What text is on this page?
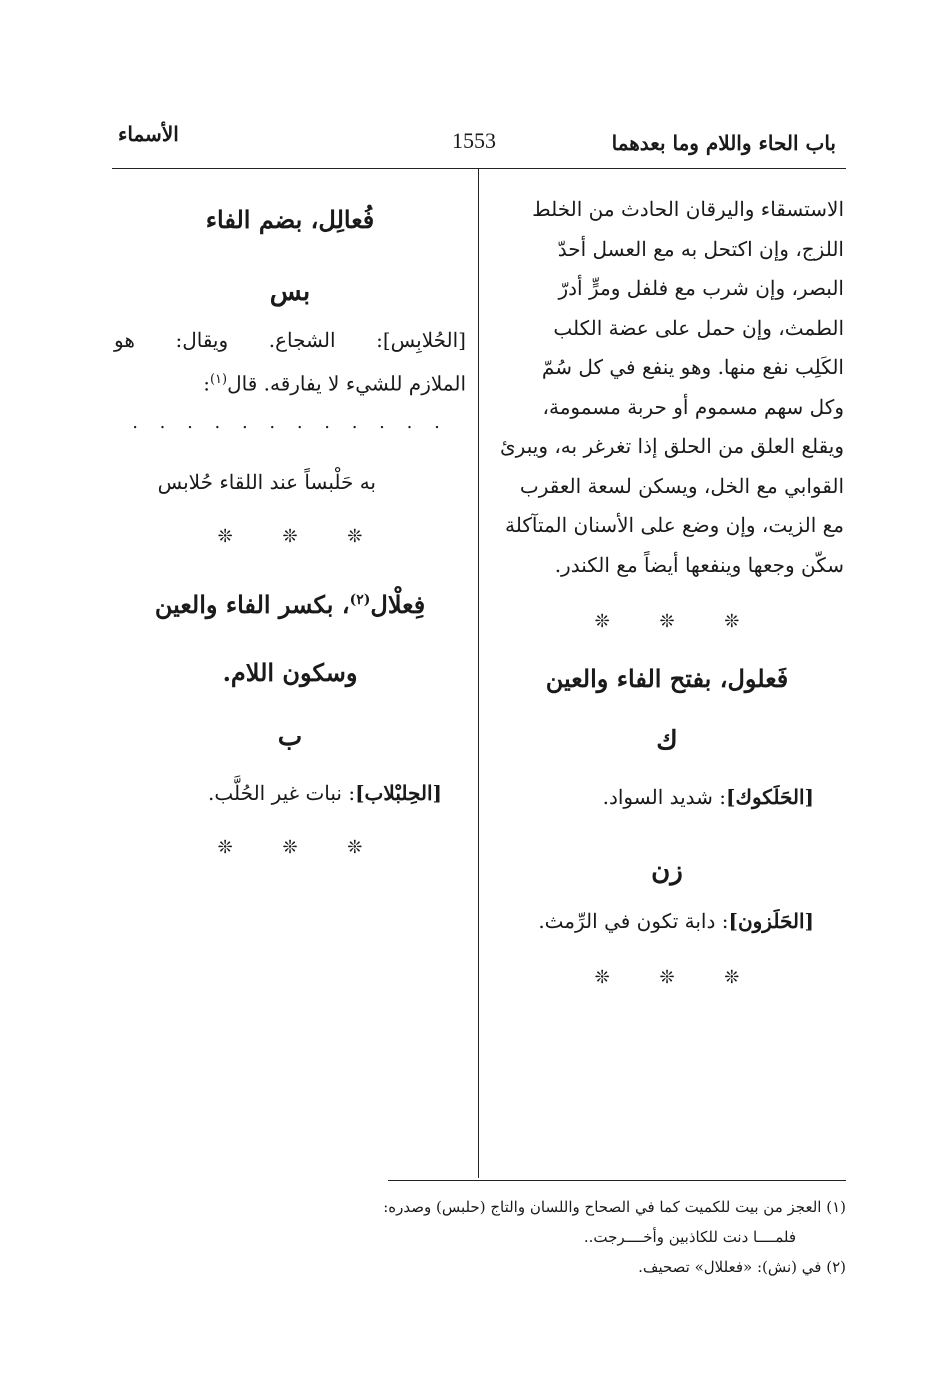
باب الحاء واللام وما بعدهما
1553
الأسماء
الاستسقاء واليرقان الحادث من الخلط
اللزج، وإن اكتحل به مع العسل أحدّ
البصر، وإن شرب مع فلفل ومرٍّ أدرّ
الطمث، وإن حمل على عضة الكلب
الكَلِب نفع منها. وهو ينفع في كل سُمّ
وكل سهم مسموم أو حربة مسمومة،
ويقلع العلق من الحلق إذا تغرغر به، ويبرئ
القوابي مع الخل، ويسكن لسعة العقرب
مع الزيت، وإن وضع على الأسنان المتآكلة
سكّن وجعها وينفعها أيضاً مع الكندر.
❊ ❊ ❊
فَعلول، بفتح الفاء والعين
ك
[الحَلَكوك]: شديد السواد.
زن
[الحَلَزون]: دابة تكون في الرِّمث.
❊ ❊ ❊
فُعالِل، بضم الفاء
بس
[الحُلابِس]: الشجاع. ويقال: هو
الملازم للشيء لا يفارقه. قال$^{(١)}$:
. . . . . . . . . . . .
به حَلْبساً عند اللقاء حُلابس
❊ ❊ ❊
فِعلْال$^{(٢)}$، بكسر الفاء والعين
وسكون اللام.
ب
[الحِلبْلاب]: نبات غير الحُلَّب.
❊ ❊ ❊
(١) العجز من بيت للكميت كما في الصحاح واللسان والتاج (حلبس) وصدره:
فلمــــا دنت للكاذبين وأخــــرجت..
(٢) في (نش): «فعللال» تصحيف.
